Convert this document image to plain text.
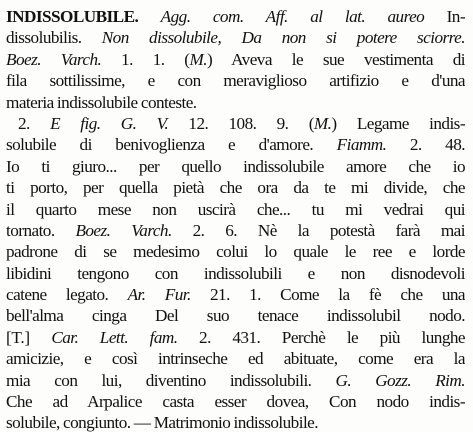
INDISSOLUBILE. Agg. com. Aff. al lat. aureo In-
dissolubilis. Non dissolubile, Da non si potere sciorre.
Boez. Varch. 1. 1. (M.) Aveva le sue vestimenta di
fila sottilissime, e con meraviglioso artifizio e d'una
materia indissolubile conteste.
2. E fig. G. V. 12. 108. 9. (M.) Legame indis-
solubile di benivoglienza e d'amore. Fiamm. 2. 48.
Io ti giuro... per quello indissolubile amore che io
ti porto, per quella pietà che ora da te mi divide, che
il quarto mese non uscirà che... tu mi vedrai qui
tornato. Boez. Varch. 2. 6. Nè la potestà farà mai
padrone di se medesimo colui lo quale le ree e lorde
libidini tengono con indissolubili e non disnodevoli
catene legato. Ar. Fur. 21. 1. Come la fè che una
bell'alma cinga Del suo tenace indissolubil nodo.
[T.] Car. Lett. fam. 2. 431. Perchè le più lunghe
amicizie, e così intrinseche ed abituate, come era la
mia con lui, diventino indissolubili. G. Gozz. Rim.
Che ad Arpalice casta esser dovea, Con nodo indis-
solubile, congiunto. — Matrimonio indissolubile.
